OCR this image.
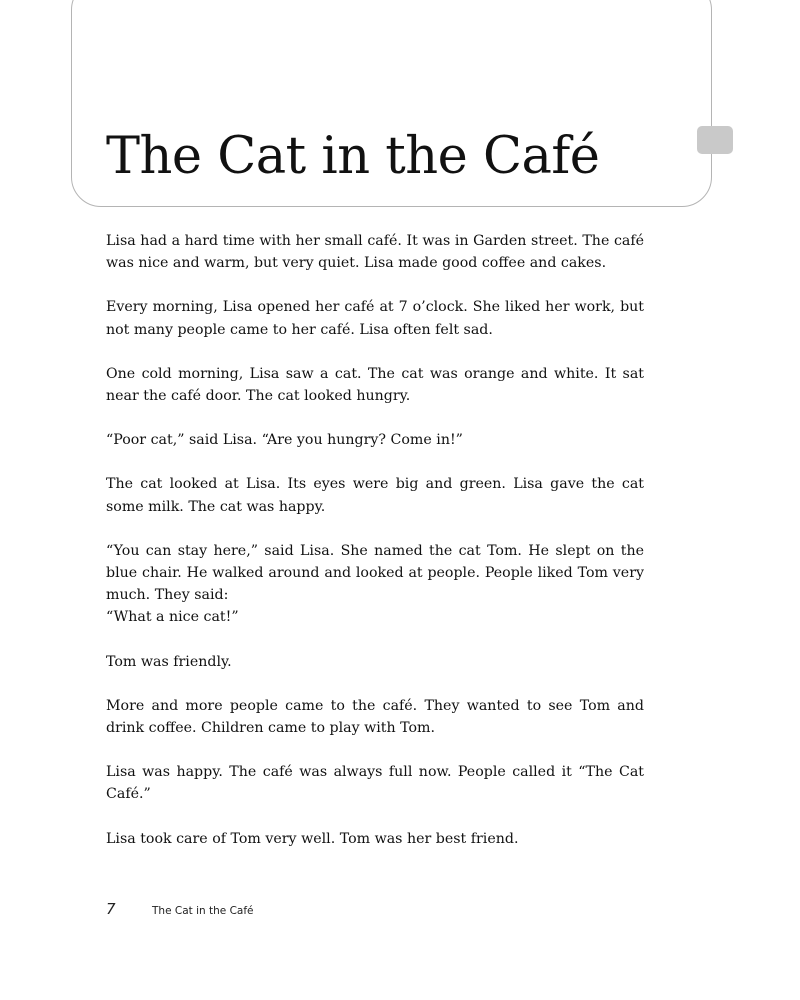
The Cat in the Café

Lisa had a hard time with her small café. It was in Garden street. The café was nice and warm, but very quiet. Lisa made good coffee and cakes.

Every morning, Lisa opened her café at 7 o’clock. She liked her work, but not many people came to her café. Lisa often felt sad.

One cold morning, Lisa saw a cat. The cat was orange and white. It sat near the café door. The cat looked hungry.

“Poor cat,” said Lisa. “Are you hungry? Come in!”

The cat looked at Lisa. Its eyes were big and green. Lisa gave the cat some milk. The cat was happy.

“You can stay here,” said Lisa. She named the cat Tom. He slept on the blue chair. He walked around and looked at people. People liked Tom very much. They said:
“What a nice cat!”

Tom was friendly.

More and more people came to the café. They wanted to see Tom and drink coffee. Children came to play with Tom.

Lisa was happy. The café was always full now. People called it “The Cat Café.”

Lisa took care of Tom very well. Tom was her best friend.

7	The Cat in the Café
